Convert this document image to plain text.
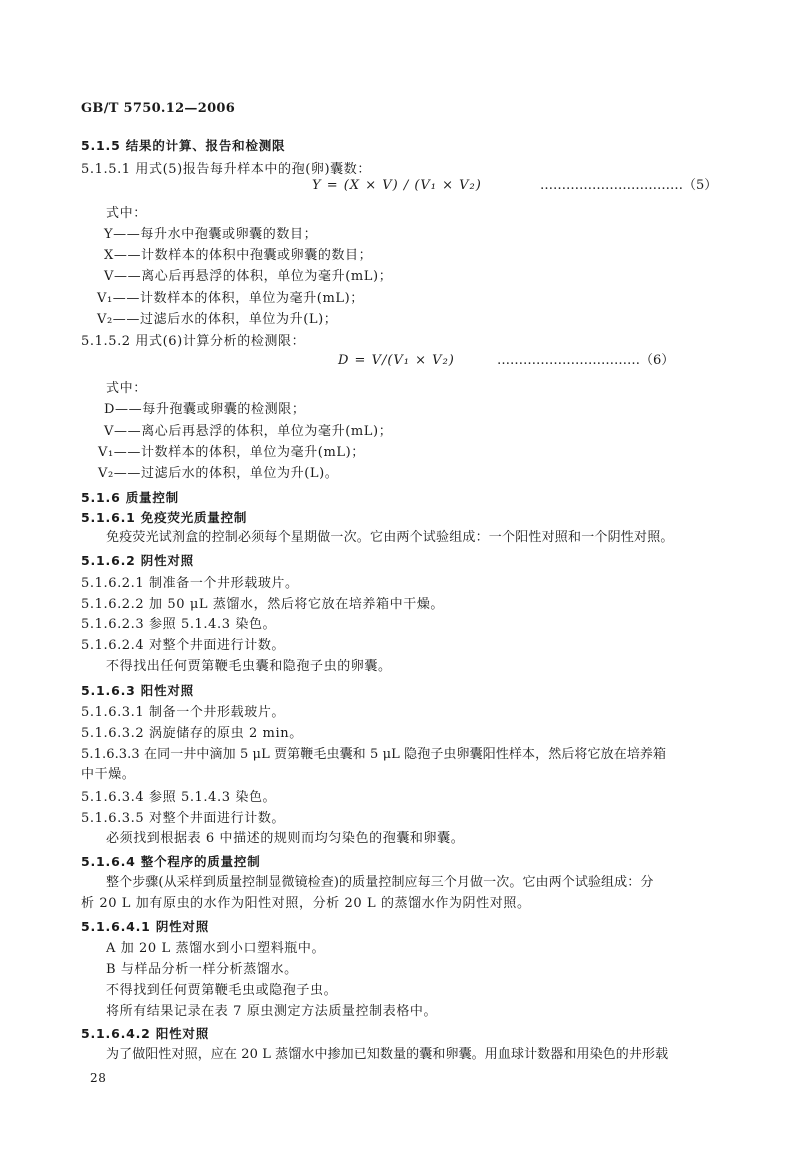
GB/T 5750.12—2006
5.1.5 结果的计算、报告和检测限
5.1.5.1 用式(5)报告每升样本中的孢(卵)囊数：
Y = (X × V) / (V₁ × V₂)	……………………………（5）
式中：
Y——每升水中孢囊或卵囊的数目；
X——计数样本的体积中孢囊或卵囊的数目；
V——离心后再悬浮的体积，单位为毫升(mL)；
V₁——计数样本的体积，单位为毫升(mL)；
V₂——过滤后水的体积，单位为升(L)；
5.1.5.2 用式(6)计算分析的检测限：
D = V/(V₁ × V₂)	……………………………（6）
式中：
D——每升孢囊或卵囊的检测限；
V——离心后再悬浮的体积，单位为毫升(mL)；
V₁——计数样本的体积，单位为毫升(mL)；
V₂——过滤后水的体积，单位为升(L)。
5.1.6 质量控制
5.1.6.1 免疫荧光质量控制
免疫荧光试剂盒的控制必须每个星期做一次。它由两个试验组成：一个阳性对照和一个阴性对照。
5.1.6.2 阴性对照
5.1.6.2.1 制准备一个井形载玻片。
5.1.6.2.2 加 50 μL 蒸馏水，然后将它放在培养箱中干燥。
5.1.6.2.3 参照 5.1.4.3 染色。
5.1.6.2.4 对整个井面进行计数。
不得找出任何贾第鞭毛虫囊和隐孢子虫的卵囊。
5.1.6.3 阳性对照
5.1.6.3.1 制备一个井形载玻片。
5.1.6.3.2 涡旋储存的原虫 2 min。
5.1.6.3.3 在同一井中滴加 5 μL 贾第鞭毛虫囊和 5 μL 隐孢子虫卵囊阳性样本，然后将它放在培养箱
中干燥。
5.1.6.3.4 参照 5.1.4.3 染色。
5.1.6.3.5 对整个井面进行计数。
必须找到根据表 6 中描述的规则而均匀染色的孢囊和卵囊。
5.1.6.4 整个程序的质量控制
整个步骤(从采样到质量控制显微镜检查)的质量控制应每三个月做一次。它由两个试验组成：分
析 20 L 加有原虫的水作为阳性对照，分析 20 L 的蒸馏水作为阴性对照。
5.1.6.4.1 阴性对照
A 加 20 L 蒸馏水到小口塑料瓶中。
B 与样品分析一样分析蒸馏水。
不得找到任何贾第鞭毛虫或隐孢子虫。
将所有结果记录在表 7 原虫测定方法质量控制表格中。
5.1.6.4.2 阳性对照
为了做阳性对照，应在 20 L 蒸馏水中掺加已知数量的囊和卵囊。用血球计数器和用染色的井形载
28
